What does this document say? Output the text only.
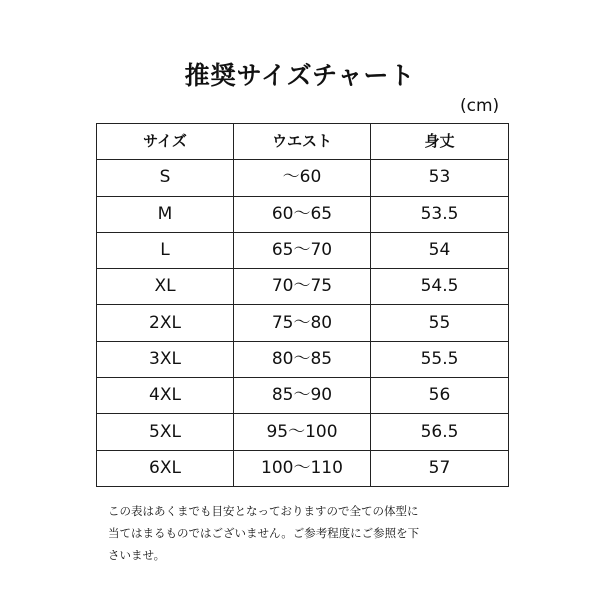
推奨サイズチャート
(cm)
サイズ	ウエスト	身丈
S	～60	53
M	60～65	53.5
L	65～70	54
XL	70～75	54.5
2XL	75～80	55
3XL	80～85	55.5
4XL	85～90	56
5XL	95～100	56.5
6XL	100～110	57
この表はあくまでも目安となっておりますので全ての体型に
当てはまるものではございません。ご参考程度にご参照を下
さいませ。
